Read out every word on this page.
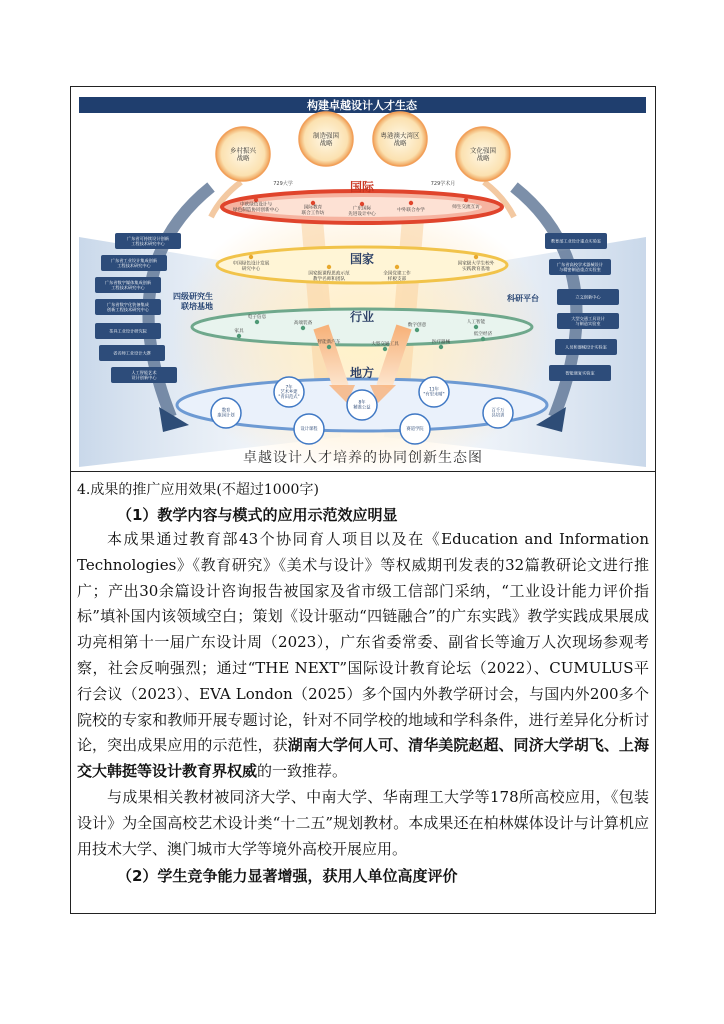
构建卓越设计人才生态
乡村振兴战略
制造强国战略
粤港澳大湾区战略
文化强国战略
729大学	729学术月
国际
国家
行业
地方
中欧绿色设计与绿色制造协同创新中心	国际教育联合工作坊
广东国际先进设计中心
中外联合办学
师生交流互访
中国绿色设计发展研究中心
国家级课程思政示范教学名师和团队
全国党建工作样板支部
国家级大学生校外实践教育基地
电子信息
家具
高端装备
智能新汽车	大型交通工具	医疗器械
数字创意
人工智能
低空经济
7年艺术乡建"青田范式"
8年精准公益
11年"有里未晴"
教育康园计划
设计课程	赛道学院
百千万县培训
广东省可持续设计创新工程技术研究中心
广东省工业设计集成创新工程技术研究中心
广东省数字媒体集成创新工程技术研究中心
广东省数字化装备集成创新工程技术研究中心
茶具工业设计研究院
省名师工业设计大赛
人工智能艺术设计创新中心
教育部工业设计重点实验室
广东省高校学术器械设计与精密制造重点实验室
立文创新中心
大型交通工具设计与制造实验室
人员和器械设计实验室
智能康复实验室
四级研究生联培基地
科研平台
卓越设计人才培养的协同创新生态图
4.成果的推广应用效果(不超过1000字)
（1）教学内容与模式的应用示范效应明显

本成果通过教育部43个协同育人项目以及在《Education and Information Technologies》《教育研究》《美术与设计》等权威期刊发表的32篇教研论文进行推广；产出30余篇设计咨询报告被国家及省市级工信部门采纳，“工业设计能力评价指标”填补国内该领域空白；策划《设计驱动“四链融合”的广东实践》教学实践成果展成功亮相第十一届广东设计周（2023），广东省委常委、副省长等逾万人次现场参观考察，社会反响强烈；通过“THE NEXT”国际设计教育论坛（2022）、CUMULUS平行会议（2023）、EVA London（2025）多个国内外教学研讨会，与国内外200多个院校的专家和教师开展专题讨论，针对不同学校的地域和学科条件，进行差异化分析讨论，突出成果应用的示范性，获湖南大学何人可、清华美院赵超、同济大学胡飞、上海交大韩挺等设计教育界权威的一致推荐。

与成果相关教材被同济大学、中南大学、华南理工大学等178所高校应用，《包装设计》为全国高校艺术设计类“十二五”规划教材。本成果还在柏林媒体设计与计算机应用技术大学、澳门城市大学等境外高校开展应用。

（2）学生竞争能力显著增强，获用人单位高度评价
